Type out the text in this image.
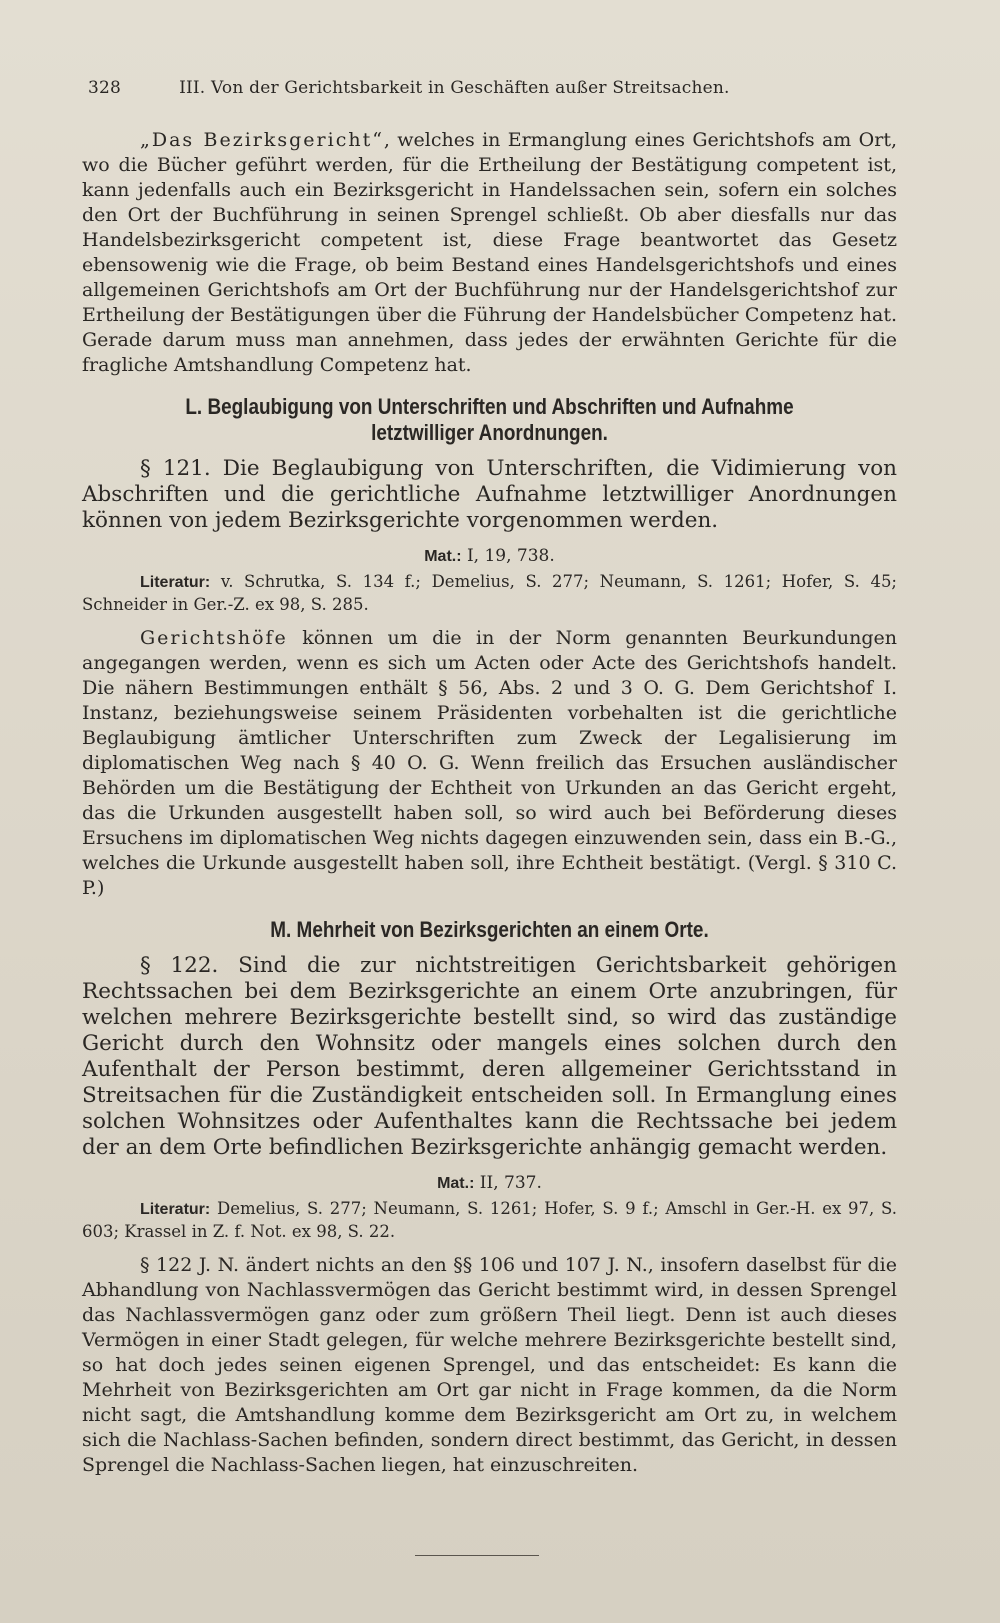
328	III. Von der Gerichtsbarkeit in Geschäften außer Streitsachen.

„Das Bezirksgericht“, welches in Ermanglung eines Gerichtshofs am Ort, wo die Bücher geführt werden, für die Ertheilung der Bestätigung competent ist, kann jedenfalls auch ein Bezirksgericht in Handelssachen sein, sofern ein solches den Ort der Buchführung in seinen Sprengel schließt. Ob aber diesfalls nur das Handelsbezirksgericht competent ist, diese Frage beantwortet das Gesetz ebensowenig wie die Frage, ob beim Bestand eines Handelsgerichtshofs und eines allgemeinen Gerichtshofs am Ort der Buchführung nur der Handelsgerichtshof zur Ertheilung der Bestätigungen über die Führung der Handelsbücher Competenz hat. Gerade darum muss man annehmen, dass jedes der erwähnten Gerichte für die fragliche Amtshandlung Competenz hat.

L. Beglaubigung von Unterschriften und Abschriften und Aufnahme
letztwilliger Anordnungen.

§ 121. Die Beglaubigung von Unterschriften, die Vidimierung von Abschriften und die gerichtliche Aufnahme letztwilliger Anordnungen können von jedem Bezirksgerichte vorgenommen werden.

Mat.: I, 19, 738.

Literatur: v. Schrutka, S. 134 f.; Demelius, S. 277; Neumann, S. 1261; Hofer, S. 45; Schneider in Ger.-Z. ex 98, S. 285.

Gerichtshöfe können um die in der Norm genannten Beurkundungen angegangen werden, wenn es sich um Acten oder Acte des Gerichtshofs handelt. Die nähern Bestimmungen enthält § 56, Abs. 2 und 3 O. G. Dem Gerichtshof I. Instanz, beziehungsweise seinem Präsidenten vorbehalten ist die gerichtliche Beglaubigung ämtlicher Unterschriften zum Zweck der Legalisierung im diplomatischen Weg nach § 40 O. G. Wenn freilich das Ersuchen ausländischer Behörden um die Bestätigung der Echtheit von Urkunden an das Gericht ergeht, das die Urkunden ausgestellt haben soll, so wird auch bei Beförderung dieses Ersuchens im diplomatischen Weg nichts dagegen einzuwenden sein, dass ein B.-G., welches die Urkunde ausgestellt haben soll, ihre Echtheit bestätigt. (Vergl. § 310 C. P.)

M. Mehrheit von Bezirksgerichten an einem Orte.

§ 122. Sind die zur nichtstreitigen Gerichtsbarkeit gehörigen Rechtssachen bei dem Bezirksgerichte an einem Orte anzubringen, für welchen mehrere Bezirksgerichte bestellt sind, so wird das zuständige Gericht durch den Wohnsitz oder mangels eines solchen durch den Aufenthalt der Person bestimmt, deren allgemeiner Gerichtsstand in Streitsachen für die Zuständigkeit entscheiden soll. In Ermanglung eines solchen Wohnsitzes oder Aufenthaltes kann die Rechtssache bei jedem der an dem Orte befindlichen Bezirksgerichte anhängig gemacht werden.

Mat.: II, 737.

Literatur: Demelius, S. 277; Neumann, S. 1261; Hofer, S. 9 f.; Amschl in Ger.-H. ex 97, S. 603; Krassel in Z. f. Not. ex 98, S. 22.

§ 122 J. N. ändert nichts an den §§ 106 und 107 J. N., insofern daselbst für die Abhandlung von Nachlassvermögen das Gericht bestimmt wird, in dessen Sprengel das Nachlassvermögen ganz oder zum größern Theil liegt. Denn ist auch dieses Vermögen in einer Stadt gelegen, für welche mehrere Bezirksgerichte bestellt sind, so hat doch jedes seinen eigenen Sprengel, und das entscheidet: Es kann die Mehrheit von Bezirksgerichten am Ort gar nicht in Frage kommen, da die Norm nicht sagt, die Amtshandlung komme dem Bezirksgericht am Ort zu, in welchem sich die Nachlass-Sachen befinden, sondern direct bestimmt, das Gericht, in dessen Sprengel die Nachlass-Sachen liegen, hat einzuschreiten.
